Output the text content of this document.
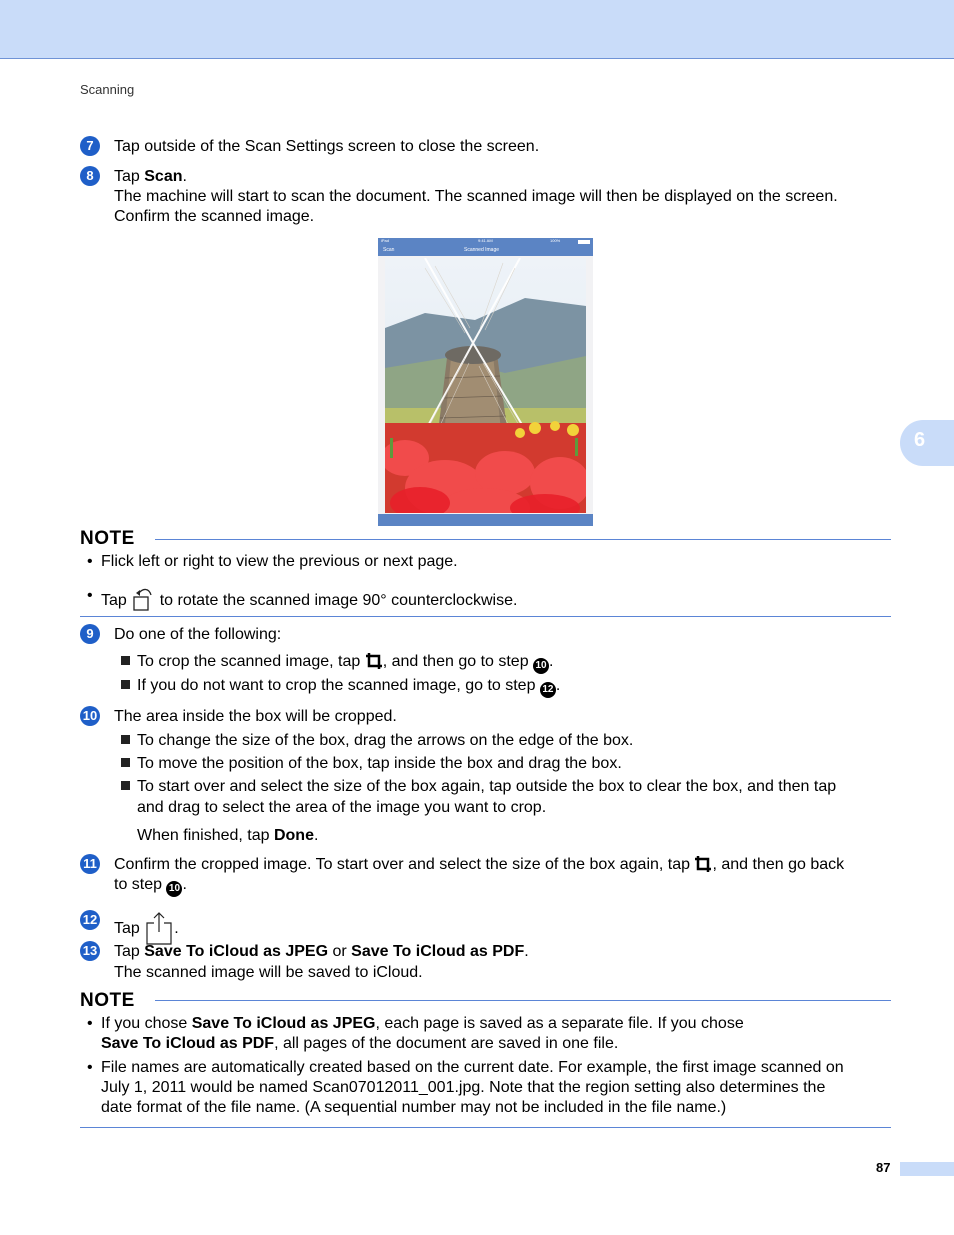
Scanning
6
7	Tap outside of the Scan Settings screen to close the screen.
8	Tap Scan.
The machine will start to scan the document. The scanned image will then be displayed on the screen.
Confirm the scanned image.
iPad	9:41 AM	100%
Scan	Scanned Image
NOTE
• Flick left or right to view the previous or next page.
• Tap  to rotate the scanned image 90° counterclockwise.
9	Do one of the following:
To crop the scanned image, tap , and then go to step 10 .
If you do not want to crop the scanned image, go to step 12 .
10 The area inside the box will be cropped.
To change the size of the box, drag the arrows on the edge of the box.
To move the position of the box, tap inside the box and drag the box.
To start over and select the size of the box again, tap outside the box to clear the box, and then tap
and drag to select the area of the image you want to crop.
When finished, tap Done.
11 Confirm the cropped image. To start over and select the size of the box again, tap , and then go back
to step 10 .
12
Tap .
13 Tap Save To iCloud as JPEG or Save To iCloud as PDF.
The scanned image will be saved to iCloud.
NOTE
• If you chose Save To iCloud as JPEG, each page is saved as a separate file. If you chose
Save To iCloud as PDF, all pages of the document are saved in one file.
• File names are automatically created based on the current date. For example, the first image scanned on
July 1, 2011 would be named Scan07012011_001.jpg. Note that the region setting also determines the
date format of the file name. (A sequential number may not be included in the file name.)
87
